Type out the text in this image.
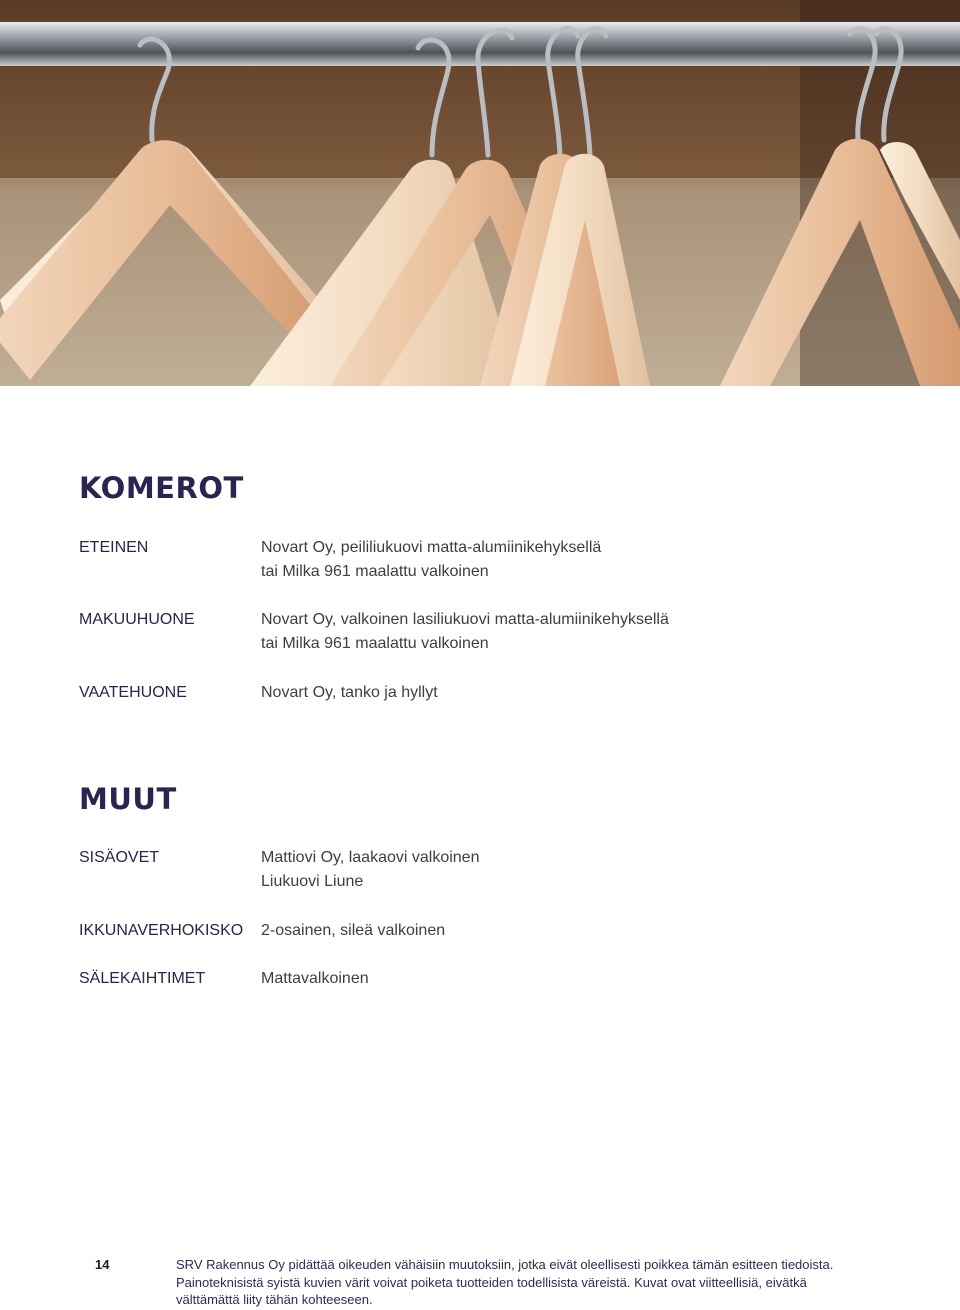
KOMEROT
ETEINEN	Novart Oy, peililiukuovi matta-alumiinikehyksellä
tai Milka 961 maalattu valkoinen
MAKUUHUONE	Novart Oy, valkoinen lasiliukuovi matta-alumiinikehyksellä
tai Milka 961 maalattu valkoinen
VAATEHUONE	Novart Oy, tanko ja hyllyt
MUUT
SISÄOVET	Mattiovi Oy, laakaovi valkoinen
Liukuovi Liune
IKKUNAVERHOKISKO 2-osainen, sileä valkoinen
SÄLEKAIHTIMET	Mattavalkoinen
14	SRV Rakennus Oy pidättää oikeuden vähäisiin muutoksiin, jotka eivät oleellisesti poikkea tämän esitteen tiedoista.
Painoteknisistä syistä kuvien värit voivat poiketa tuotteiden todellisista väreistä. Kuvat ovat viitteellisiä, eivätkä
välttämättä liity tähän kohteeseen.
